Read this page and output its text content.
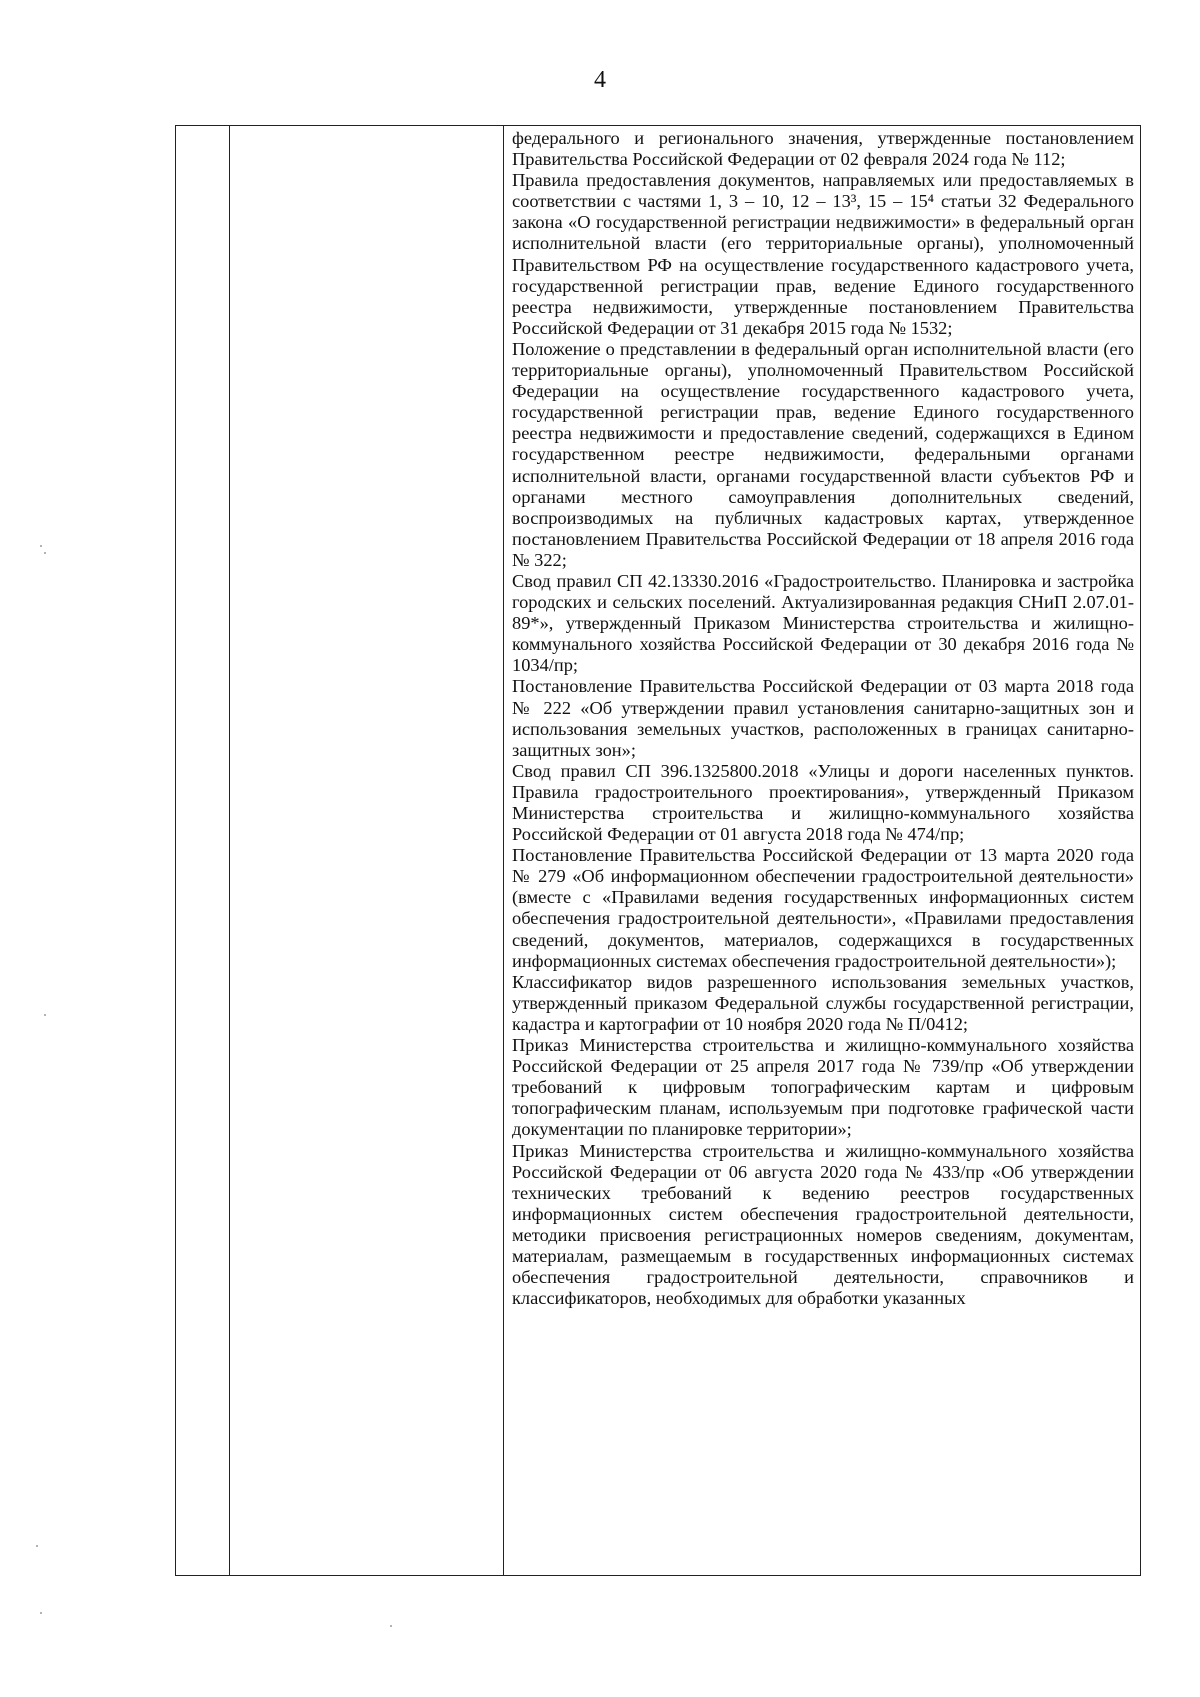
4

федерального и регионального значения, утвержденные постановлением Правительства Российской Федерации от 02 февраля 2024 года № 112;

Правила предоставления документов, направляемых или предоставляемых в соответствии с частями 1, 3 – 10, 12 – 13³, 15 – 15⁴ статьи 32 Федерального закона «О государственной регистрации недвижимости» в федеральный орган исполнительной власти (его территориальные органы), уполномоченный Правительством РФ на осуществление государственного кадастрового учета, государственной регистрации прав, ведение Единого государственного реестра недвижимости, утвержденные постановлением Правительства Российской Федерации от 31 декабря 2015 года № 1532;

Положение о представлении в федеральный орган исполнительной власти (его территориальные органы), уполномоченный Правительством Российской Федерации на осуществление государственного кадастрового учета, государственной регистрации прав, ведение Единого государственного реестра недвижимости и предоставление сведений, содержащихся в Едином государственном реестре недвижимости, федеральными органами исполнительной власти, органами государственной власти субъектов РФ и органами местного самоуправления дополнительных сведений, воспроизводимых на публичных кадастровых картах, утвержденное постановлением Правительства Российской Федерации от 18 апреля 2016 года № 322;

Свод правил СП 42.13330.2016 «Градостроительство. Планировка и застройка городских и сельских поселений. Актуализированная редакция СНиП 2.07.01-89*», утвержденный Приказом Министерства строительства и жилищно-коммунального хозяйства Российской Федерации от 30 декабря 2016 года № 1034/пр;

Постановление Правительства Российской Федерации от 03 марта 2018 года № 222 «Об утверждении правил установления санитарно-защитных зон и использования земельных участков, расположенных в границах санитарно-защитных зон»;

Свод правил СП 396.1325800.2018 «Улицы и дороги населенных пунктов. Правила градостроительного проектирования», утвержденный Приказом Министерства строительства и жилищно-коммунального хозяйства Российской Федерации от 01 августа 2018 года № 474/пр;

Постановление Правительства Российской Федерации от 13 марта 2020 года № 279 «Об информационном обеспечении градостроительной деятельности» (вместе с «Правилами ведения государственных информационных систем обеспечения градостроительной деятельности», «Правилами предоставления сведений, документов, материалов, содержащихся в государственных информационных системах обеспечения градостроительной деятельности»);

Классификатор видов разрешенного использования земельных участков, утвержденный приказом Федеральной службы государственной регистрации, кадастра и картографии от 10 ноября 2020 года № П/0412;

Приказ Министерства строительства и жилищно-коммунального хозяйства Российской Федерации от 25 апреля 2017 года № 739/пр «Об утверждении требований к цифровым топографическим картам и цифровым топографическим планам, используемым при подготовке графической части документации по планировке территории»;

Приказ Министерства строительства и жилищно-коммунального хозяйства Российской Федерации от 06 августа 2020 года № 433/пр «Об утверждении технических требований к ведению реестров государственных информационных систем обеспечения градостроительной деятельности, методики присвоения регистрационных номеров сведениям, документам, материалам, размещаемым в государственных информационных системах обеспечения градостроительной деятельности, справочников и классификаторов, необходимых для обработки указанных
